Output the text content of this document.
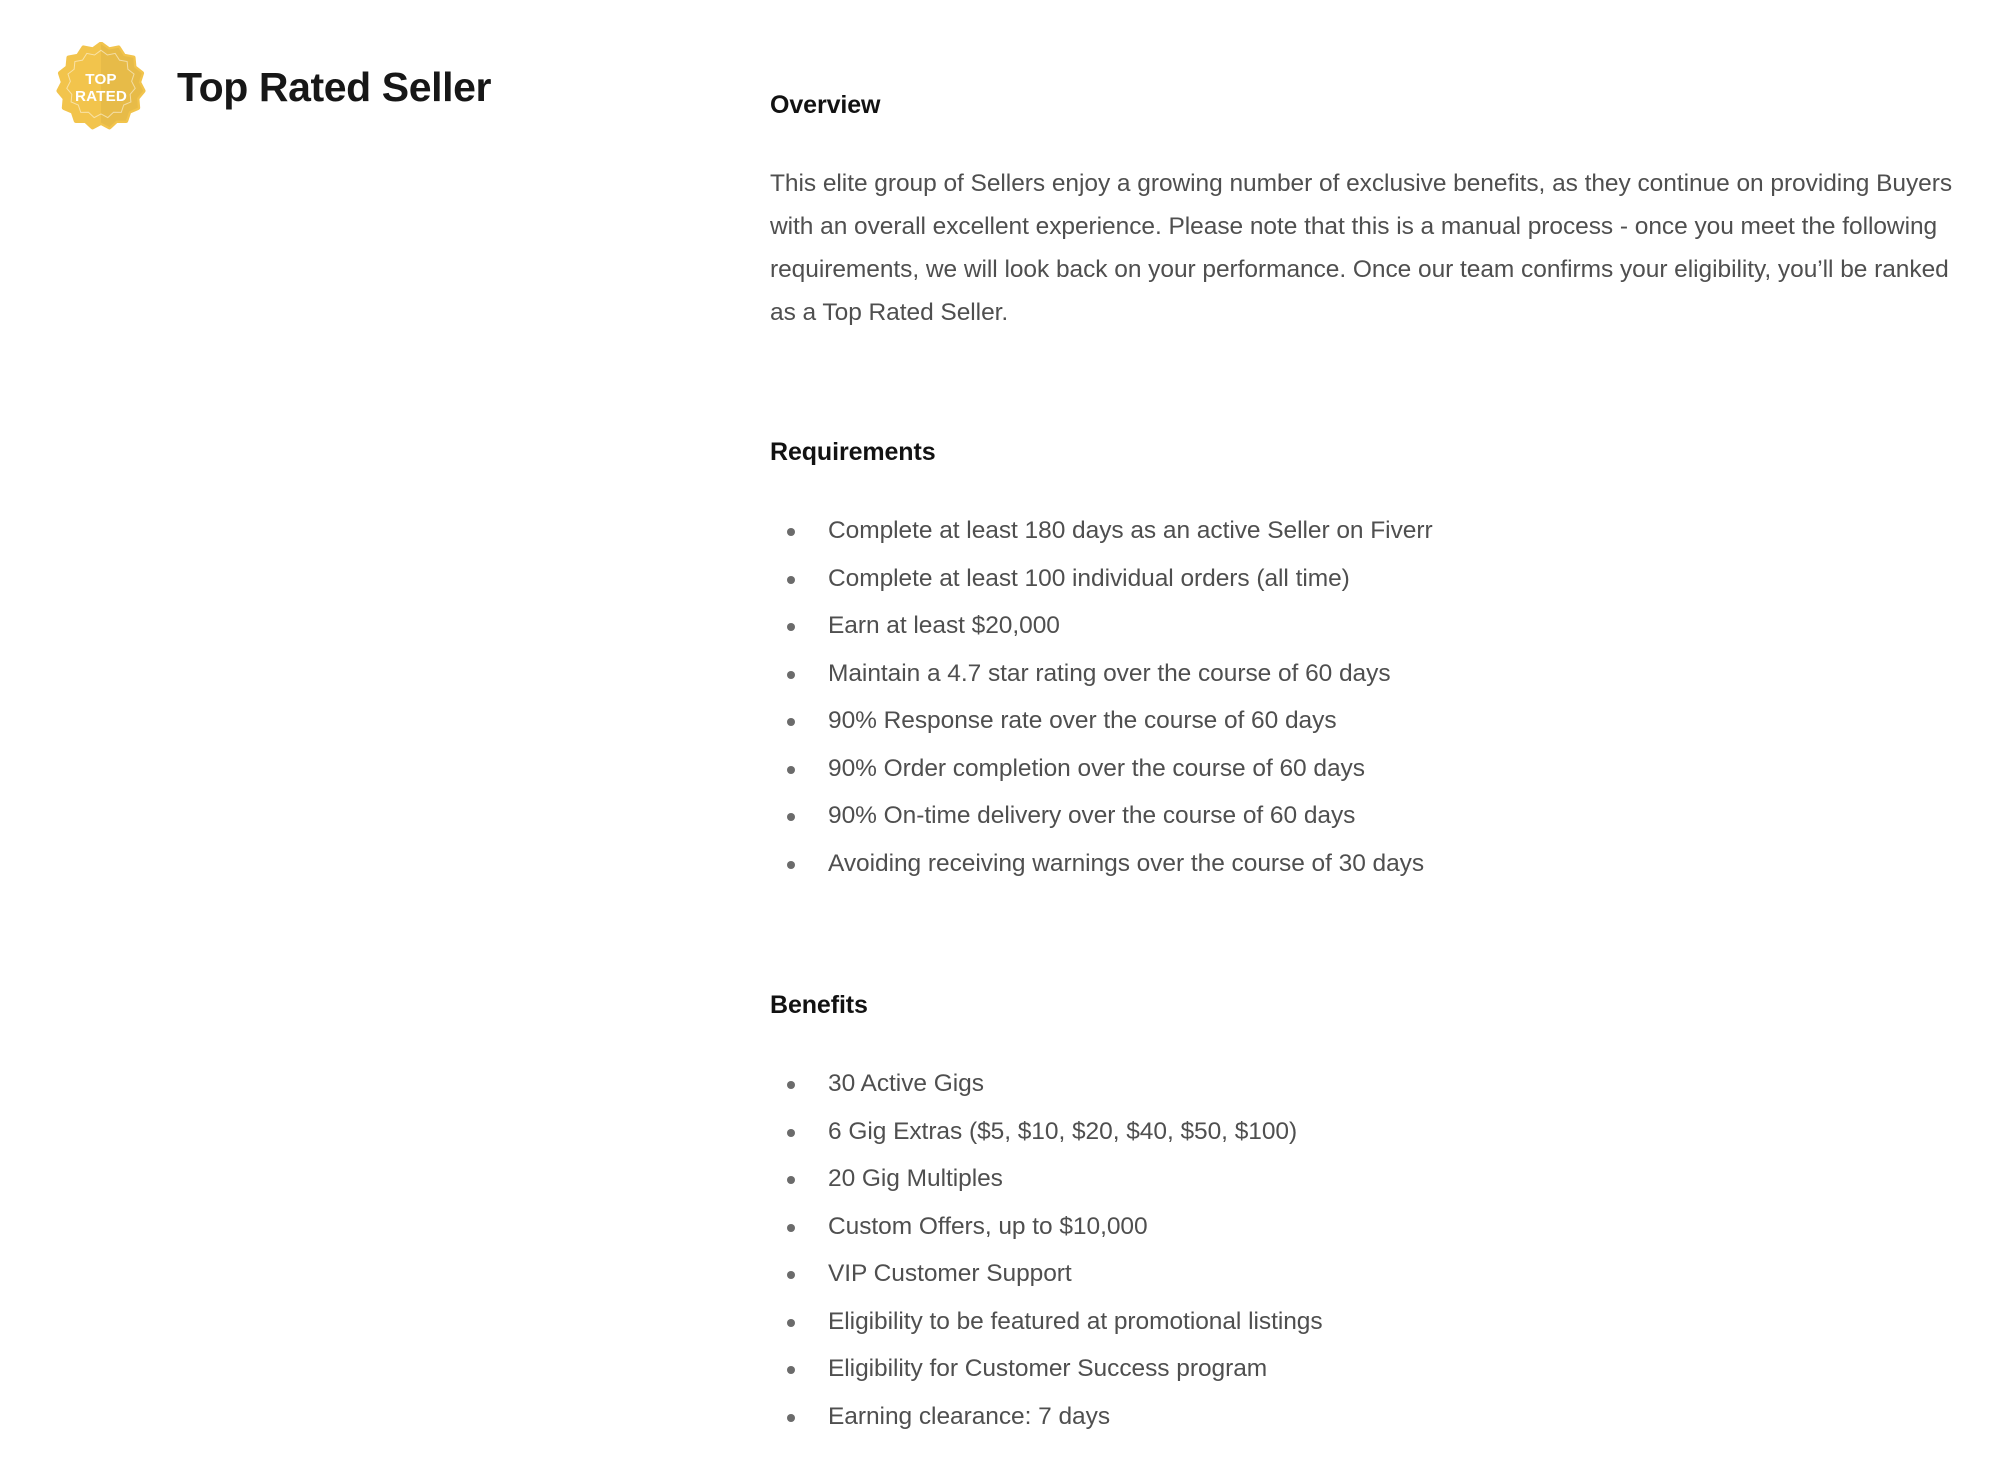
TOP
RATED Top Rated Seller	Overview

This elite group of Sellers enjoy a growing number of exclusive benefits, as they continue on providing Buyers with an overall excellent experience. Please note that this is a manual process - once you meet the following requirements, we will look back on your performance. Once our team confirms your eligibility, you’ll be ranked as a Top Rated Seller.

Requirements
Complete at least 180 days as an active Seller on Fiverr
Complete at least 100 individual orders (all time)
Earn at least $20,000
Maintain a 4.7 star rating over the course of 60 days
90% Response rate over the course of 60 days
90% Order completion over the course of 60 days
90% On-time delivery over the course of 60 days
Avoiding receiving warnings over the course of 30 days
Benefits
30 Active Gigs
6 Gig Extras ($5, $10, $20, $40, $50, $100)
20 Gig Multiples
Custom Offers, up to $10,000
VIP Customer Support
Eligibility to be featured at promotional listings
Eligibility for Customer Success program
Earning clearance: 7 days
